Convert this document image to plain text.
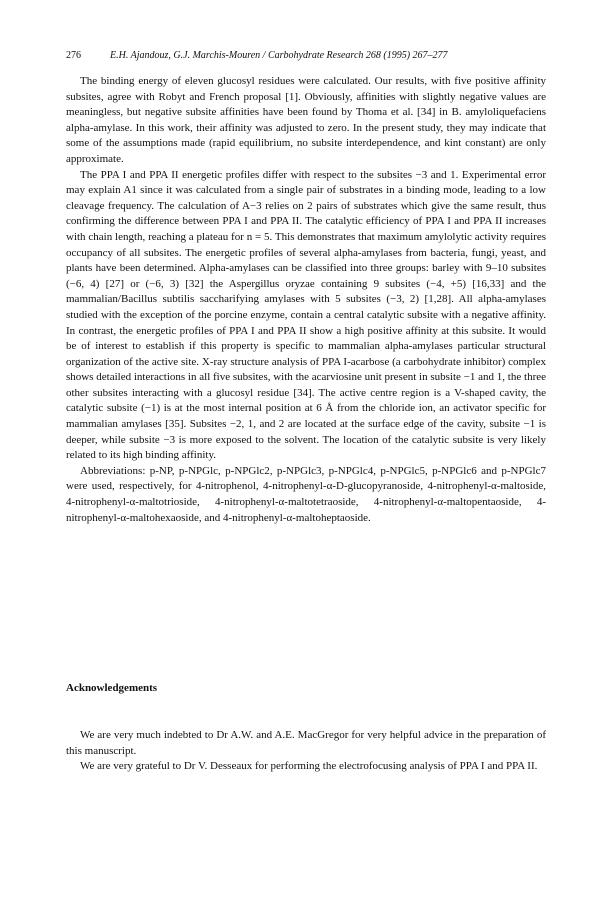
276	E.H. Ajandouz, G.J. Marchis-Mouren / Carbohydrate Research 268 (1995) 267–277

The binding energy of eleven glucosyl residues were calculated. Our results, with five positive affinity subsites, agree with Robyt and French proposal [1]. Obviously, affinities with slightly negative values are meaningless, but negative subsite affinities have been found by Thoma et al. [34] in B. amyloliquefaciens alpha-amylase. In this work, their affinity was adjusted to zero. In the present study, they may indicate that some of the assumptions made (rapid equilibrium, no subsite interdependence, and kint constant) are only approximate.

The PPA I and PPA II energetic profiles differ with respect to the subsites −3 and 1. Experimental error may explain A1 since it was calculated from a single pair of substrates in a binding mode, leading to a low cleavage frequency. The calculation of A−3 relies on 2 pairs of substrates which give the same result, thus confirming the difference between PPA I and PPA II. The catalytic efficiency of PPA I and PPA II increases with chain length, reaching a plateau for n = 5. This demonstrates that maximum amylolytic activity requires occupancy of all subsites. The energetic profiles of several alpha-amylases from bacteria, fungi, yeast, and plants have been determined. Alpha-amylases can be classified into three groups: barley with 9–10 subsites (−6, 4) [27] or (−6, 3) [32] the Aspergillus oryzae containing 9 subsites (−4, +5) [16,33] and the mammalian/Bacillus subtilis saccharifying amylases with 5 subsites (−3, 2) [1,28]. All alpha-amylases studied with the exception of the porcine enzyme, contain a central catalytic subsite with a negative affinity. In contrast, the energetic profiles of PPA I and PPA II show a high positive affinity at this subsite. It would be of interest to establish if this property is specific to mammalian alpha-amylases particular structural organization of the active site. X-ray structure analysis of PPA I-acarbose (a carbohydrate inhibitor) complex shows detailed interactions in all five subsites, with the acarviosine unit present in subsite −1 and 1, the three other subsites interacting with a glucosyl residue [34]. The active centre region is a V-shaped cavity, the catalytic subsite (−1) is at the most internal position at 6 Å from the chloride ion, an activator specific for mammalian amylases [35]. Subsites −2, 1, and 2 are located at the surface edge of the cavity, subsite −1 is deeper, while subsite −3 is more exposed to the solvent. The location of the catalytic subsite is very likely related to its high binding affinity.

Abbreviations: p-NP, p-NPGlc, p-NPGlc2, p-NPGlc3, p-NPGlc4, p-NPGlc5, p-NPGlc6 and p-NPGlc7 were used, respectively, for 4-nitrophenol, 4-nitrophenyl-α-D-glucopyranoside, 4-nitrophenyl-α-maltoside, 4-nitrophenyl-α-maltotrioside, 4-nitrophenyl-α-maltotetraoside, 4-nitrophenyl-α-maltopentaoside, 4-nitrophenyl-α-maltohexaoside, and 4-nitrophenyl-α-maltoheptaoside.

Acknowledgements

We are very much indebted to Dr A.W. and A.E. MacGregor for very helpful advice in the preparation of this manuscript.

We are very grateful to Dr V. Desseaux for performing the electrofocusing analysis of PPA I and PPA II.
